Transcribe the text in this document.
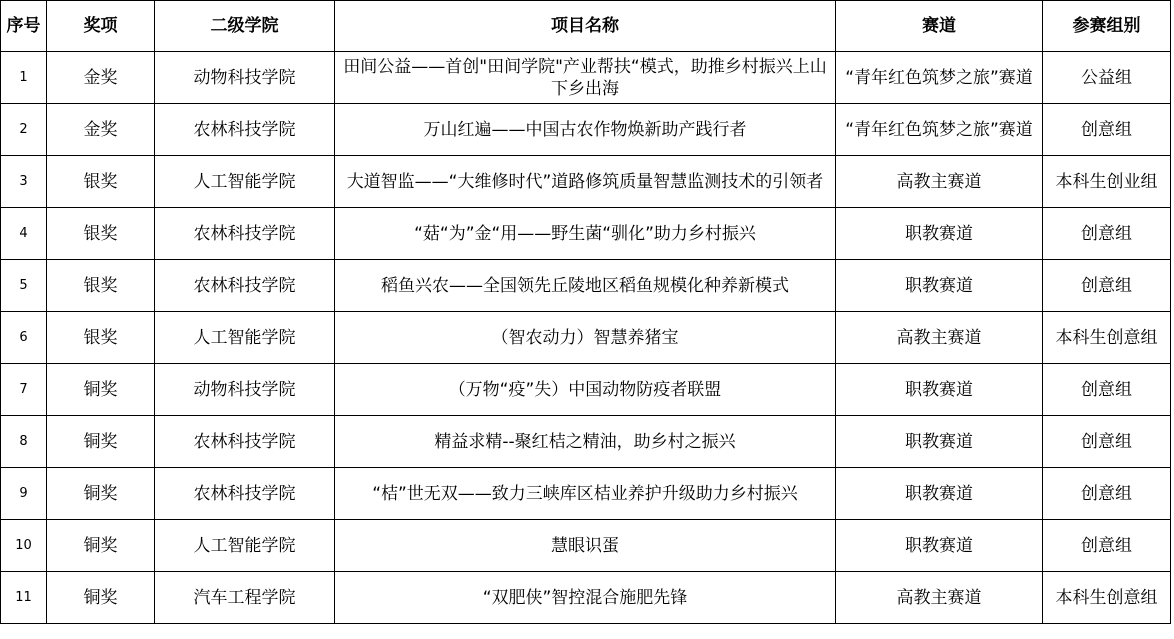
序号	奖项	二级学院	项目名称	赛道	参赛组别
1	金奖	动物科技学院	田间公益——首创"田间学院"产业帮扶“模式，助推乡村振兴上山下乡出海	“青年红色筑梦之旅”赛道	公益组
2	金奖	农林科技学院	万山红遍——中国古农作物焕新助产践行者	“青年红色筑梦之旅”赛道	创意组
3	银奖	人工智能学院	大道智监——“大维修时代”道路修筑质量智慧监测技术的引领者	高教主赛道	本科生创业组
4	银奖	农林科技学院	“菇“为”金“用——野生菌“驯化”助力乡村振兴	职教赛道	创意组
5	银奖	农林科技学院	稻鱼兴农——全国领先丘陵地区稻鱼规模化种养新模式	职教赛道	创意组
6	银奖	人工智能学院	（智农动力）智慧养猪宝	高教主赛道	本科生创意组
7	铜奖	动物科技学院	（万物“疫”失）中国动物防疫者联盟	职教赛道	创意组
8	铜奖	农林科技学院	精益求精--聚红桔之精油，助乡村之振兴	职教赛道	创意组
9	铜奖	农林科技学院	“桔”世无双——致力三峡库区桔业养护升级助力乡村振兴	职教赛道	创意组
10	铜奖	人工智能学院	慧眼识蛋	职教赛道	创意组
11	铜奖	汽车工程学院	“双肥侠”智控混合施肥先锋	高教主赛道	本科生创意组
